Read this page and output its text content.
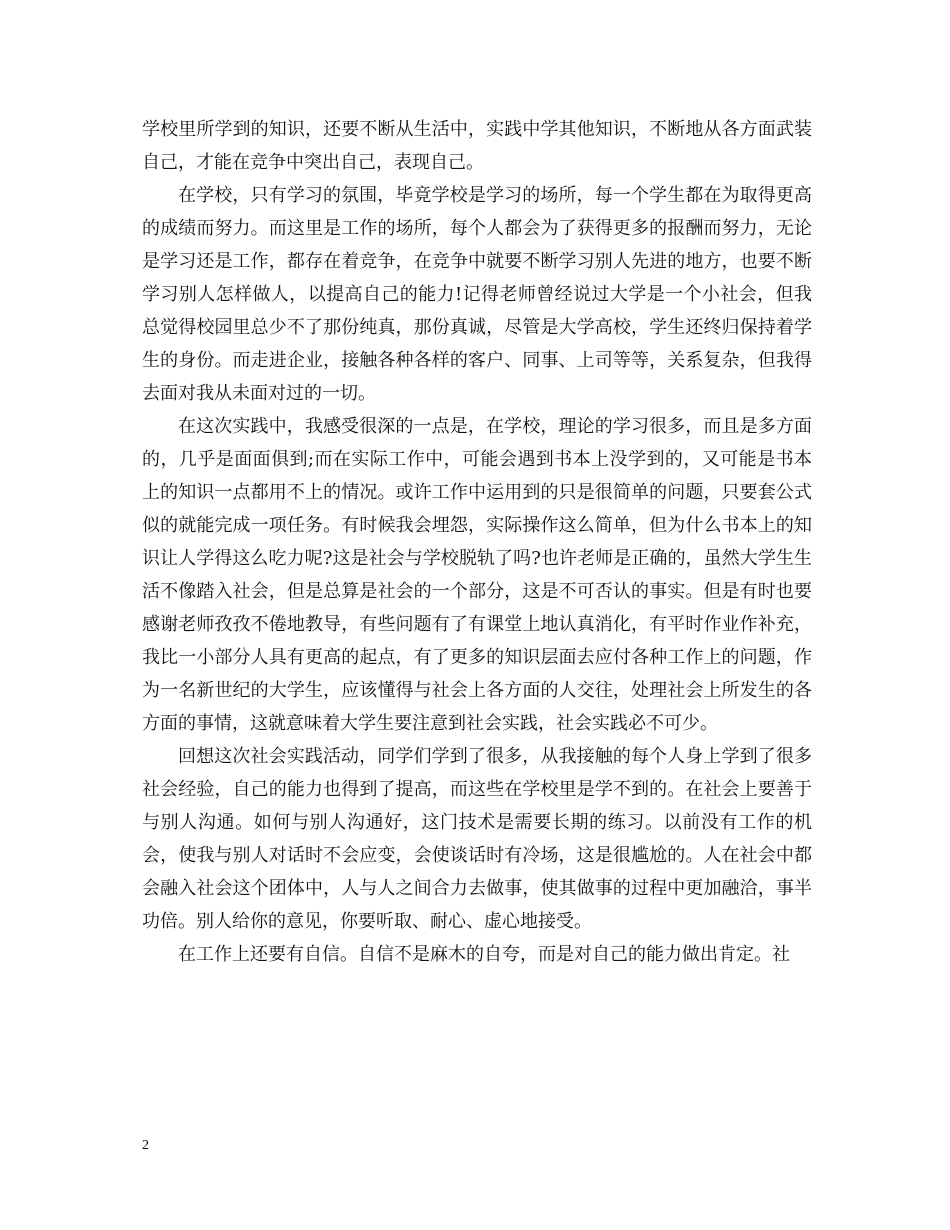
学校里所学到的知识，还要不断从生活中，实践中学其他知识，不断地从各方面武装自己，才能在竞争中突出自己，表现自己。

在学校，只有学习的氛围，毕竟学校是学习的场所，每一个学生都在为取得更高的成绩而努力。而这里是工作的场所，每个人都会为了获得更多的报酬而努力，无论是学习还是工作，都存在着竞争，在竞争中就要不断学习别人先进的地方，也要不断学习别人怎样做人，以提高自己的能力!记得老师曾经说过大学是一个小社会，但我总觉得校园里总少不了那份纯真，那份真诚，尽管是大学高校，学生还终归保持着学生的身份。而走进企业，接触各种各样的客户、同事、上司等等，关系复杂，但我得去面对我从未面对过的一切。

在这次实践中，我感受很深的一点是，在学校，理论的学习很多，而且是多方面的，几乎是面面俱到;而在实际工作中，可能会遇到书本上没学到的，又可能是书本上的知识一点都用不上的情况。或许工作中运用到的只是很简单的问题，只要套公式似的就能完成一项任务。有时候我会埋怨，实际操作这么简单，但为什么书本上的知识让人学得这么吃力呢?这是社会与学校脱轨了吗?也许老师是正确的，虽然大学生生活不像踏入社会，但是总算是社会的一个部分，这是不可否认的事实。但是有时也要感谢老师孜孜不倦地教导，有些问题有了有课堂上地认真消化，有平时作业作补充，我比一小部分人具有更高的起点，有了更多的知识层面去应付各种工作上的问题，作为一名新世纪的大学生，应该懂得与社会上各方面的人交往，处理社会上所发生的各方面的事情，这就意味着大学生要注意到社会实践，社会实践必不可少。

回想这次社会实践活动，同学们学到了很多，从我接触的每个人身上学到了很多社会经验，自己的能力也得到了提高，而这些在学校里是学不到的。在社会上要善于与别人沟通。如何与别人沟通好，这门技术是需要长期的练习。以前没有工作的机会，使我与别人对话时不会应变，会使谈话时有冷场，这是很尴尬的。人在社会中都会融入社会这个团体中，人与人之间合力去做事，使其做事的过程中更加融洽，事半功倍。别人给你的意见，你要听取、耐心、虚心地接受。

在工作上还要有自信。自信不是麻木的自夸，而是对自己的能力做出肯定。社

2
